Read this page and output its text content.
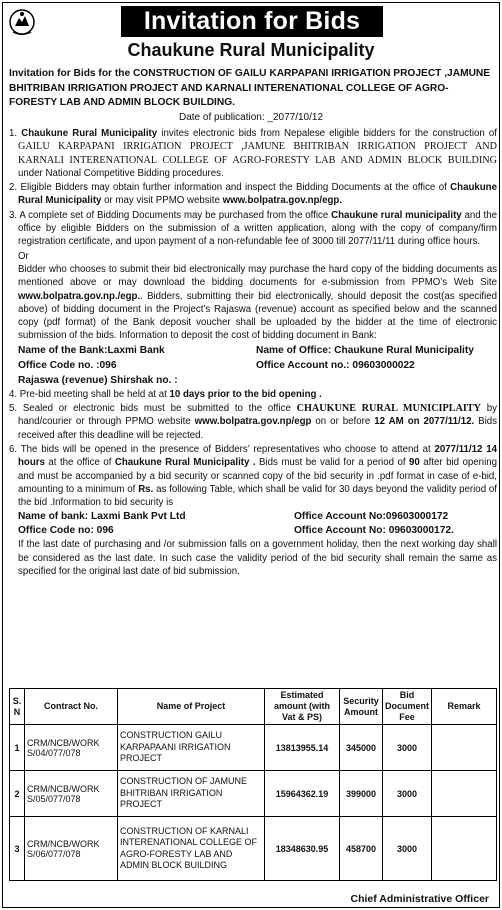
Invitation for Bids
Chaukune Rural Municipality
Invitation for Bids for the CONSTRUCTION OF GAILU KARPAPANI IRRIGATION PROJECT ,JAMUNE BHITRIBAN IRRIGATION PROJECT AND KARNALI INTERENATIONAL COLLEGE OF AGRO-FORESTY LAB AND ADMIN BLOCK BUILDING.
Date of publication: _2077/10/12

1. Chaukune Rural Municipality invites electronic bids from Nepalese eligible bidders for the construction of GAILU KARPAPANI IRRIGATION PROJECT ,JAMUNE BHITRIBAN IRRIGATION PROJECT AND KARNALI INTERENATIONAL COLLEGE OF AGRO-FORESTY LAB AND ADMIN BLOCK BUILDING under National Competitive Bidding procedures.

2. Eligible Bidders may obtain further information and inspect the Bidding Documents at the office of Chaukune Rural Municipality or may visit PPMO website www.bolpatra.gov.np/egp.

3. A complete set of Bidding Documents may be purchased from the office Chaukune rural municipality and the office by eligible Bidders on the submission of a written application, along with the copy of company/firm registration certificate, and upon payment of a non-refundable fee of 3000 till 2077/11/11 during office hours.

Or

Bidder who chooses to submit their bid electronically may purchase the hard copy of the bidding documents as mentioned above or may download the bidding documents for e-submission from PPMO’s Web Site www.bolpatra.gov.np./egp.. Bidders, submitting their bid electronically, should deposit the cost(as specified above) of bidding document in the Project’s Rajaswa (revenue) account as specified below and the scanned copy (pdf format) of the Bank deposit voucher shall be uploaded by the bidder at the time of electronic submission of the bids. Information to deposit the cost of bidding document in Bank:

Name of the Bank:Laxmi Bank	Name of Office: Chaukune Rural Municipality
Office Code no. :096	Office Account no.: 09603000022
Rajaswa (revenue) Shirshak no. :

4. Pre-bid meeting shall be held at at 10 days prior to the bid opening .

5. Sealed or electronic bids must be submitted to the office CHAUKUNE RURAL MUNICIPLAITY by hand/courier or through PPMO website www.bolpatra.gov.np/egp on or before 12 AM on 2077/11/12. Bids received after this deadline will be rejected.

6. The bids will be opened in the presence of Bidders’ representatives who choose to attend at 2077/11/12 14 hours at the office of Chaukune Rural Municipality . Bids must be valid for a period of 90 after bid opening and must be accompanied by a bid security or scanned copy of the bid security in .pdf format in case of e-bid, amounting to a minimum of Rs. as following Table, which shall be valid for 30 days beyond the validity period of the bid .Information to bid security is

Name of bank: Laxmi Bank Pvt Ltd	Office Account No:09603000172
Office Code no: 096	Office Account No: 09603000172.

If the last date of purchasing and /or submission falls on a government holiday, then the next working day shall be considered as the last date. In such case the validity period of the bid security shall remain the same as specified for the original last date of bid submission.

S.
N	Contract No.	Name of Project	Estimated amount (with Vat & PS)	Security Amount	Bid Document Fee	Remark
1	CRM/NCB/WORK S/04/077/078	CONSTRUCTION GAILU KARPAPAANI IRRIGATION PROJECT	13813955.14	345000	3000	
2	CRM/NCB/WORK S/05/077/078	CONSTRUCTION OF JAMUNE BHITRIBAN IRRIGATION PROJECT	15964362.19	399000	3000	
3	CRM/NCB/WORK S/06/077/078	CONSTRUCTION OF KARNALI INTERENATIONAL COLLEGE OF AGRO-FORESTY LAB AND ADMIN BLOCK BUILDING	18348630.95	458700	3000	
Chief Administrative Officer
